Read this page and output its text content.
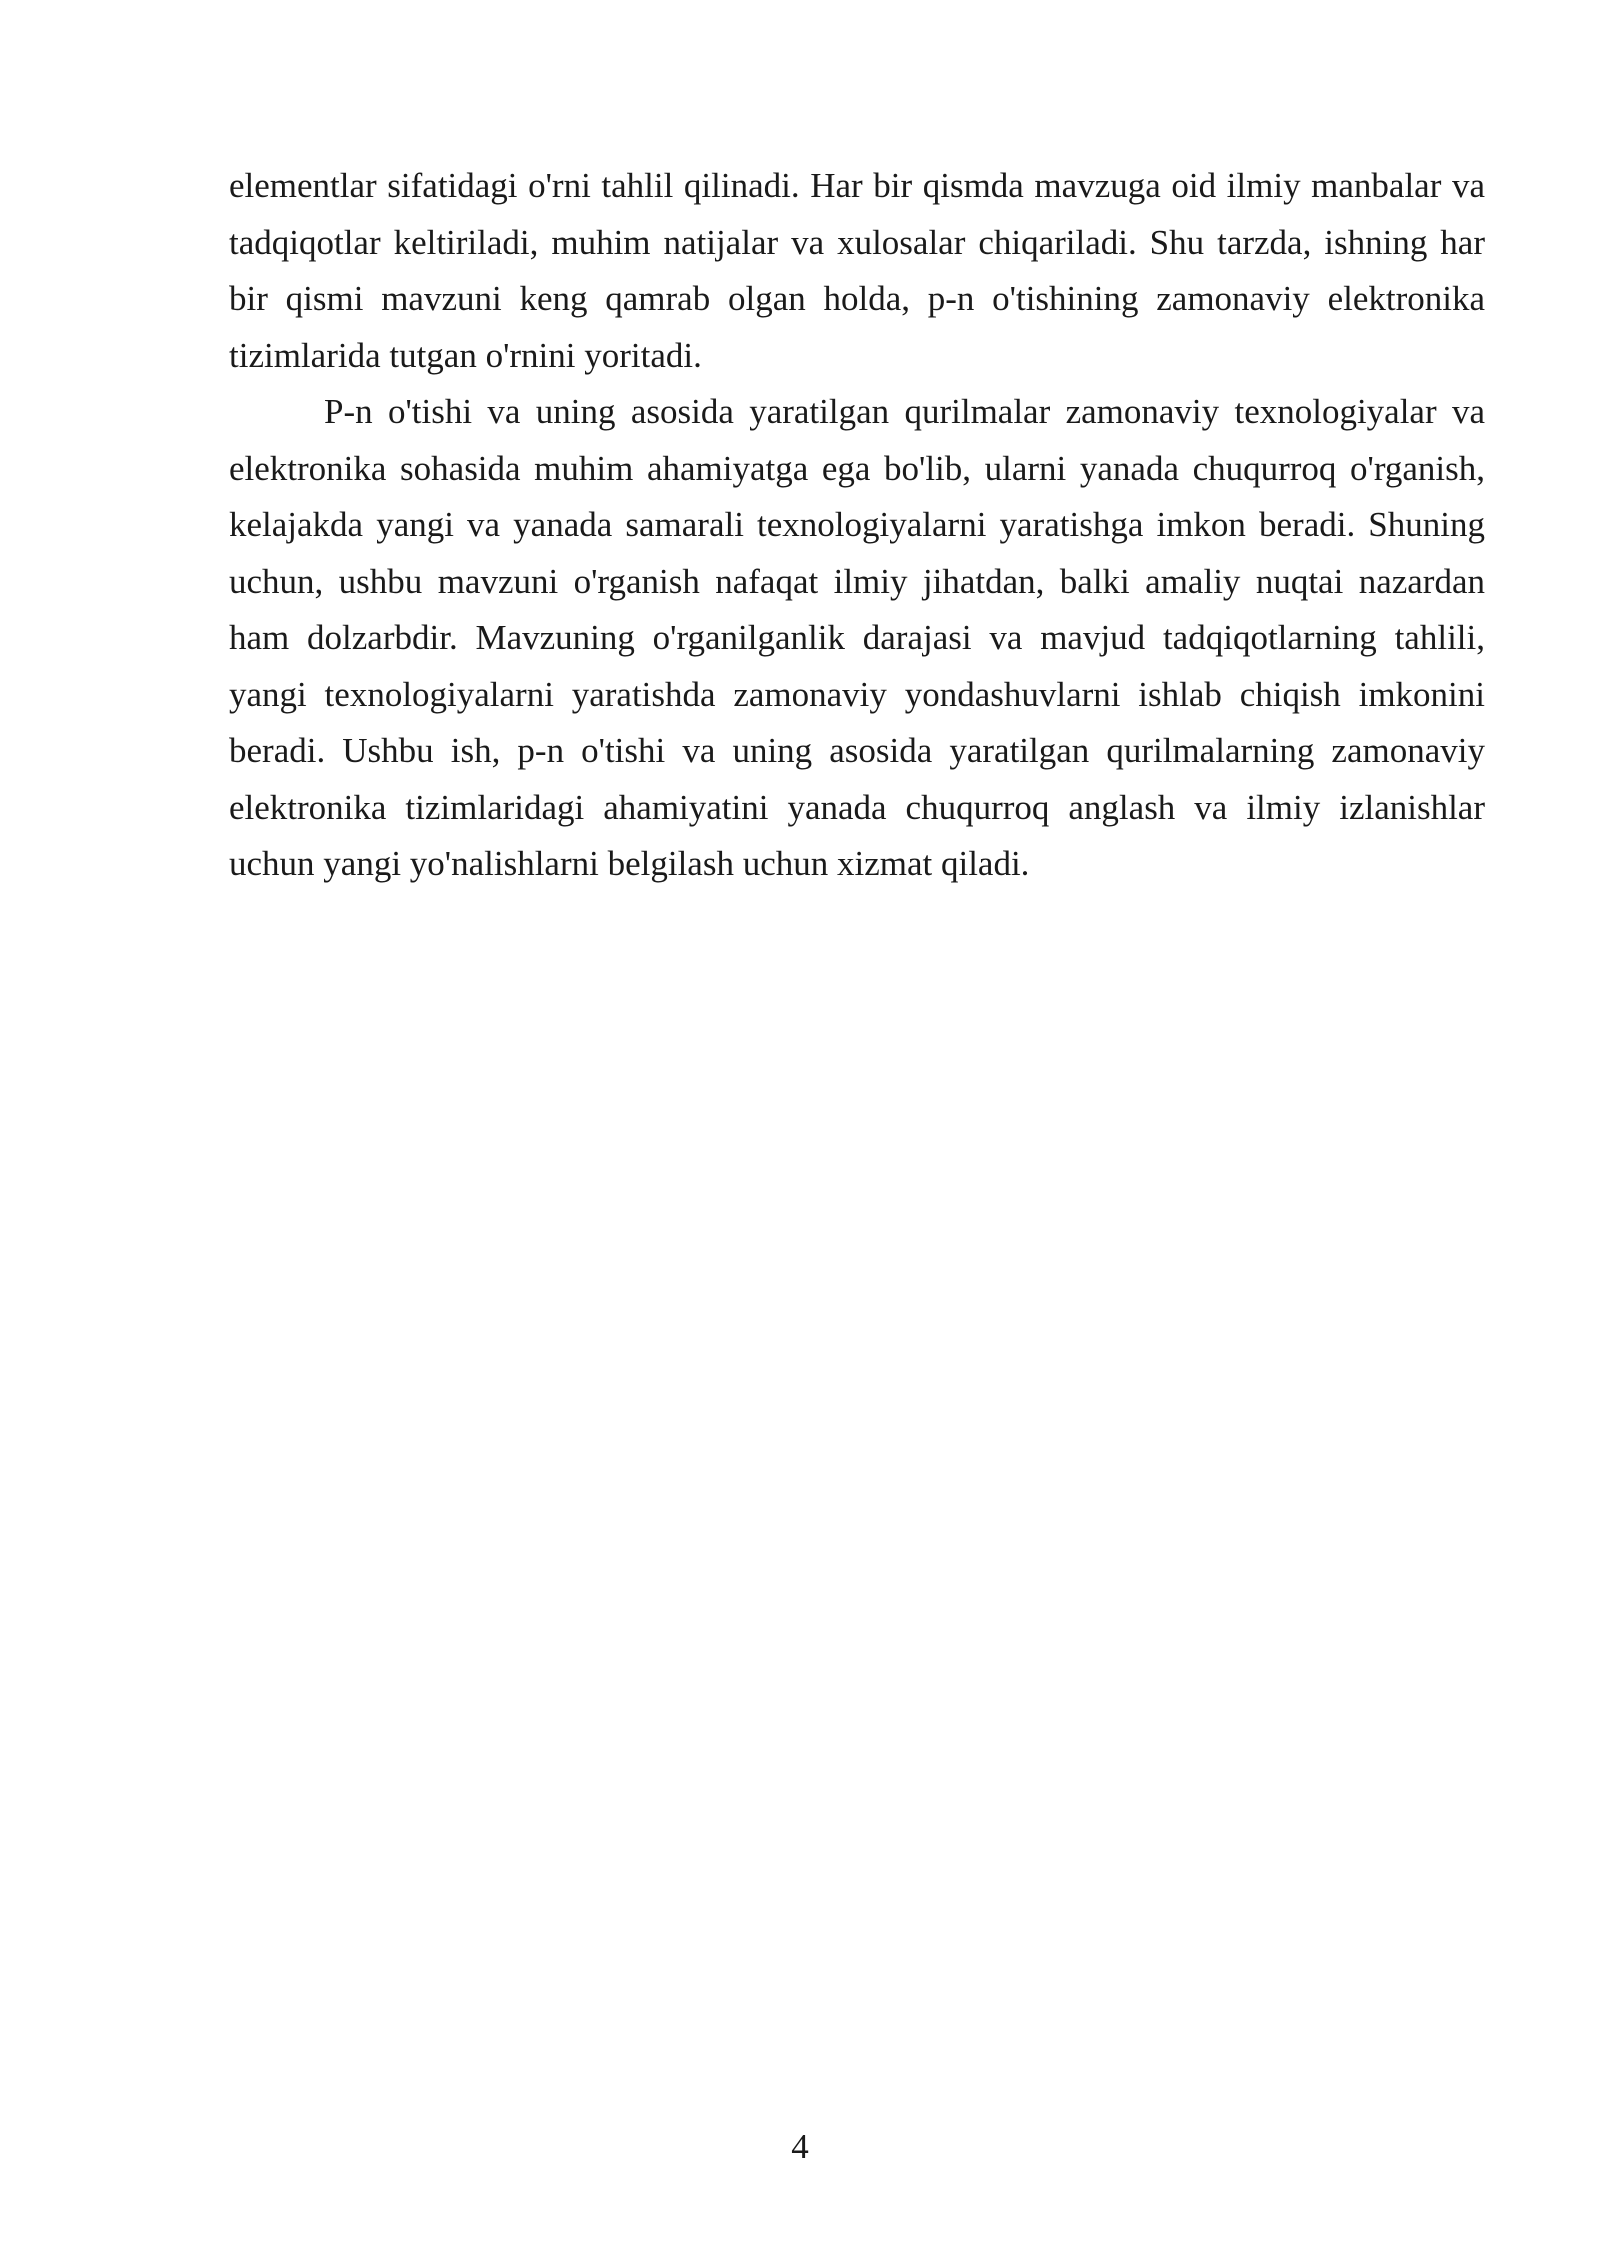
elementlar sifatidagi o'rni tahlil qilinadi. Har bir qismda mavzuga oid ilmiy manbalar va tadqiqotlar keltiriladi, muhim natijalar va xulosalar chiqariladi. Shu tarzda, ishning har bir qismi mavzuni keng qamrab olgan holda, p-n o'tishining zamonaviy elektronika tizimlarida tutgan o'rnini yoritadi.

P-n o'tishi va uning asosida yaratilgan qurilmalar zamonaviy texnologiyalar va elektronika sohasida muhim ahamiyatga ega bo'lib, ularni yanada chuqurroq o'rganish, kelajakda yangi va yanada samarali texnologiyalarni yaratishga imkon beradi. Shuning uchun, ushbu mavzuni o'rganish nafaqat ilmiy jihatdan, balki amaliy nuqtai nazardan ham dolzarbdir. Mavzuning o'rganilganlik darajasi va mavjud tadqiqotlarning tahlili, yangi texnologiyalarni yaratishda zamonaviy yondashuvlarni ishlab chiqish imkonini beradi. Ushbu ish, p-n o'tishi va uning asosida yaratilgan qurilmalarning zamonaviy elektronika tizimlaridagi ahamiyatini yanada chuqurroq anglash va ilmiy izlanishlar uchun yangi yo'nalishlarni belgilash uchun xizmat qiladi.

4
